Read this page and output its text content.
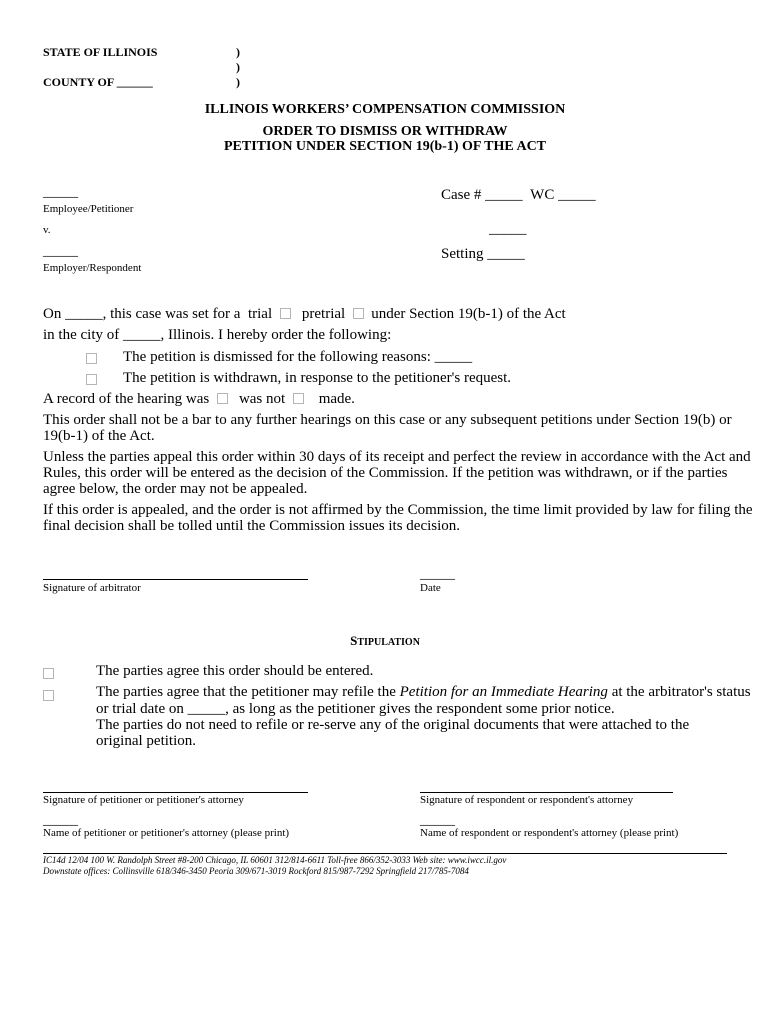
STATE OF ILLINOIS
COUNTY OF ______
)
)
)
ILLINOIS WORKERS’ COMPENSATION COMMISSION
ORDER TO DISMISS OR WITHDRAW
PETITION UNDER SECTION 19(b-1) OF THE ACT
_____
Employee/Petitioner
v.
_____
Employer/Respondent
Case # _____ WC _____
_____
Setting _____
On _____, this case was set for a trial pretrial under Section 19(b-1) of the Act
in the city of _____, Illinois. I hereby order the following:
The petition is dismissed for the following reasons: _____
The petition is withdrawn, in response to the petitioner's request.
A record of the hearing was was not made.
This order shall not be a bar to any further hearings on this case or any subsequent petitions under Section 19(b) or
19(b-1) of the Act.
Unless the parties appeal this order within 30 days of its receipt and perfect the review in accordance with the Act and
Rules, this order will be entered as the decision of the Commission. If the petition was withdrawn, or if the parties
agree below, the order may not be appealed.
If this order is appealed, and the order is not affirmed by the Commission, the time limit provided by law for filing the
final decision shall be tolled until the Commission issues its decision.
Signature of arbitrator
_____
Date
STIPULATION
The parties agree this order should be entered.
The parties agree that the petitioner may refile the Petition for an Immediate Hearing at the arbitrator's status
or trial date on _____, as long as the petitioner gives the respondent some prior notice.
The parties do not need to refile or re-serve any of the original documents that were attached to the
original petition.
Signature of petitioner or petitioner's attorney	Signature of respondent or respondent's attorney
_____
Name of petitioner or petitioner's attorney (please print)
_____
Name of respondent or respondent's attorney (please print)
IC14d 12/04 100 W. Randolph Street #8-200 Chicago, IL 60601 312/814-6611 Toll-free 866/352-3033 Web site: www.iwcc.il.gov
Downstate offices: Collinsville 618/346-3450 Peoria 309/671-3019 Rockford 815/987-7292 Springfield 217/785-7084
